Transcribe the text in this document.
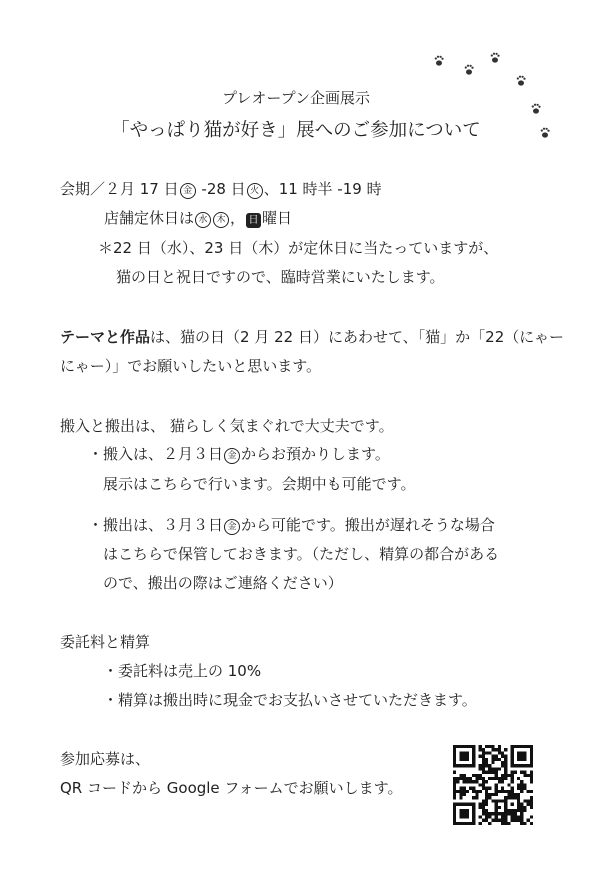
プレオープン企画展示
「やっぱり猫が好き」展へのご参加について
会期／２月 17 日 金 -28 日 火 、11 時半 -19 時
店舗定休日は 水 木 ， 日 曜日
＊22 日（水）、23 日（木）が定休日に当たっていますが、
猫の日と祝日ですので、臨時営業にいたします。
テーマと作品は、猫の日（2 月 22 日）にあわせて、「猫」か「22（にゃー
にゃー）」でお願いしたいと思います。
搬入と搬出は、 猫らしく気まぐれで大丈夫です。
・搬入は、２月３日 金 からお預かりします。
展示はこちらで行います。会期中も可能です。
・搬出は、３月３日 金 から可能です。搬出が遅れそうな場合
はこちらで保管しておきます。（ただし、精算の都合がある
ので、搬出の際はご連絡ください）
委託料と精算
・委託料は売上の 10%
・精算は搬出時に現金でお支払いさせていただきます。
参加応募は、
QR コードから Google フォームでお願いします。
